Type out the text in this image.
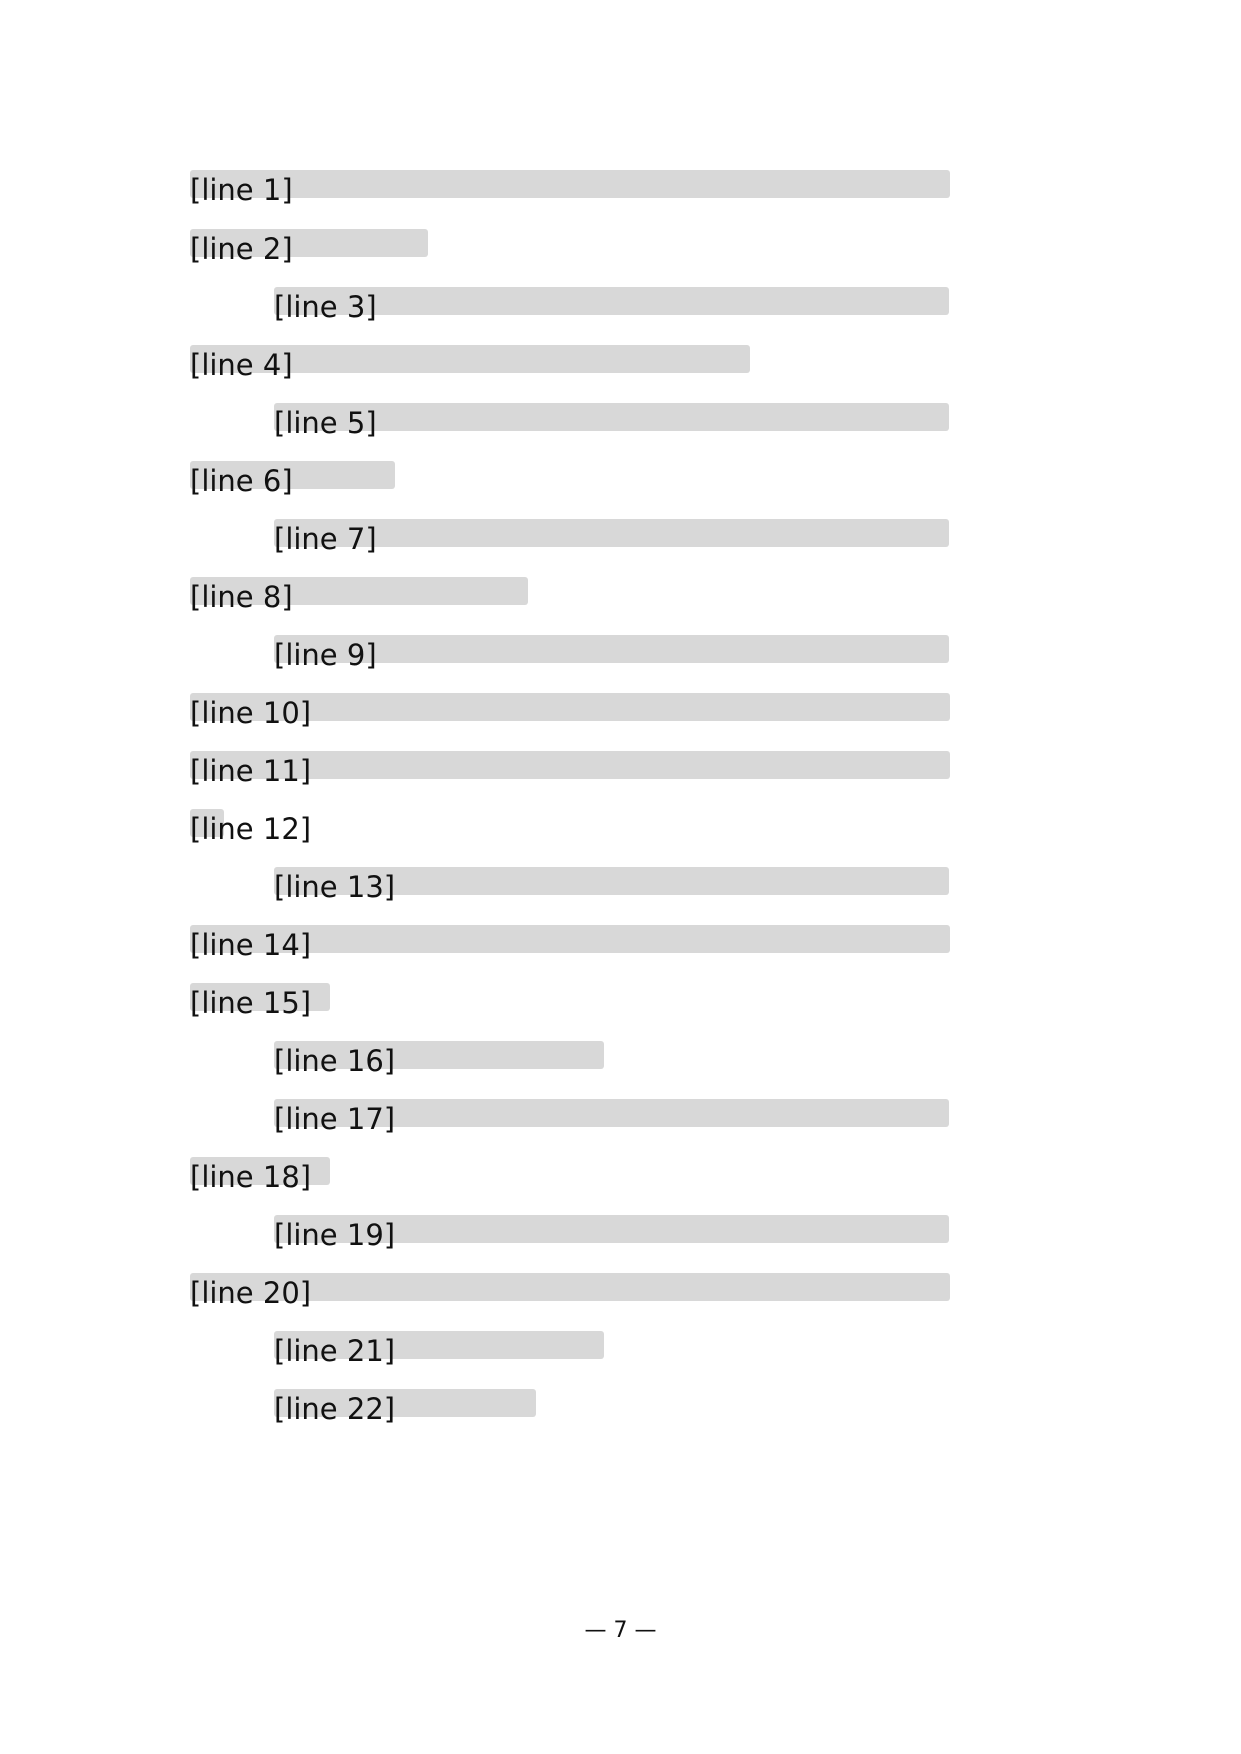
[line 1]
[line 2]
[line 3]
[line 4]
[line 5]
[line 6]
[line 7]
[line 8]
[line 9]
[line 10]
[line 11]
[line 12]
[line 13]
[line 14]
[line 15]
[line 16]
[line 17]
[line 18]
[line 19]
[line 20]
[line 21]
[line 22]
— 7 —
